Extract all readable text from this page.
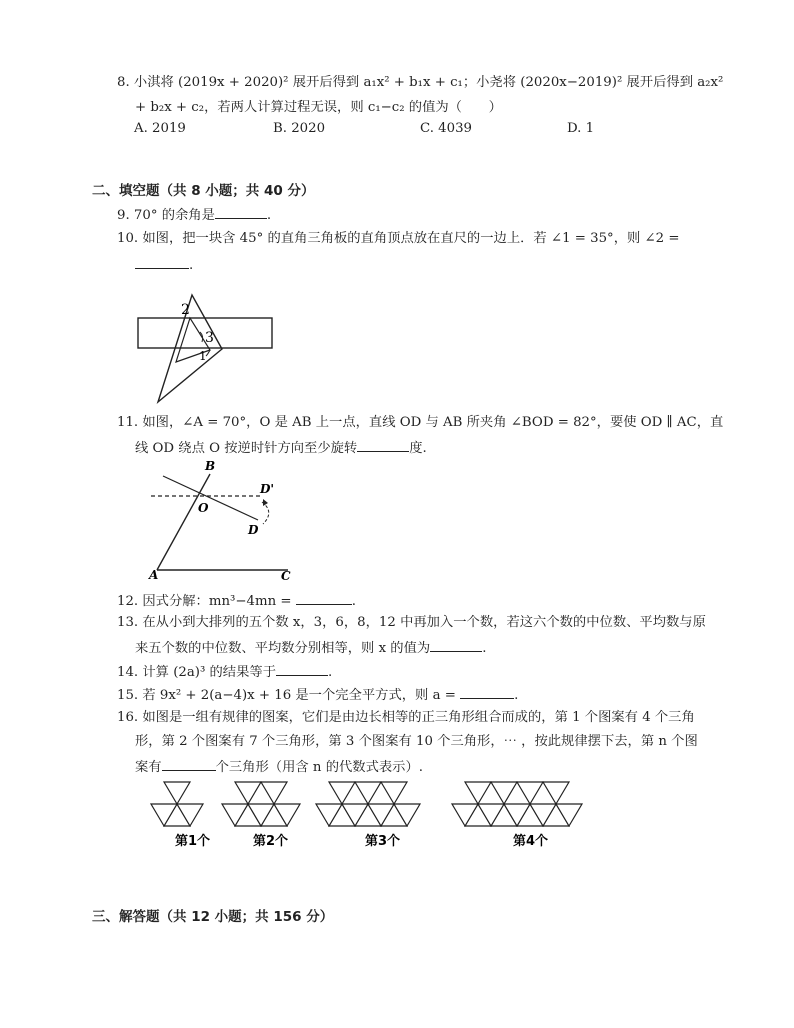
8. 小淇将 (2019x + 2020)² 展开后得到 a₁x² + b₁x + c₁；小尧将 (2020x−2019)² 展开后得到 a₂x²
+ b₂x + c₂，若两人计算过程无误，则 c₁−c₂ 的值为（　　）
A. 2019	B. 2020	C. 4039	D. 1
二、填空题（共 8 小题；共 40 分）
9. 70° 的余角是	.
10. 如图，把一块含 45° 的直角三角板的直角顶点放在直尺的一边上．若 ∠1 = 35°，则 ∠2 =
.
2
3
1
11. 如图，∠A = 70°，O 是 AB 上一点，直线 OD 与 AB 所夹角 ∠BOD = 82°，要使 OD ∥ AC，直
线 OD 绕点 O 按逆时针方向至少旋转	度.
B
D'
O
D
A	C
12. 因式分解：mn³−4mn =	.
13. 在从小到大排列的五个数 x，3，6，8，12 中再加入一个数，若这六个数的中位数、平均数与原
来五个数的中位数、平均数分别相等，则 x 的值为	.
14. 计算 (2a)³ 的结果等于	.
15. 若 9x² + 2(a−4)x + 16 是一个完全平方式，则 a =	.
16. 如图是一组有规律的图案，它们是由边长相等的正三角形组合而成的，第 1 个图案有 4 个三角
形，第 2 个图案有 7 个三角形，第 3 个图案有 10 个三角形，⋯ ，按此规律摆下去，第 n 个图
案有	个三角形（用含 n 的代数式表示）.
第1个	第2个	第3个	第4个
三、解答题（共 12 小题；共 156 分）
